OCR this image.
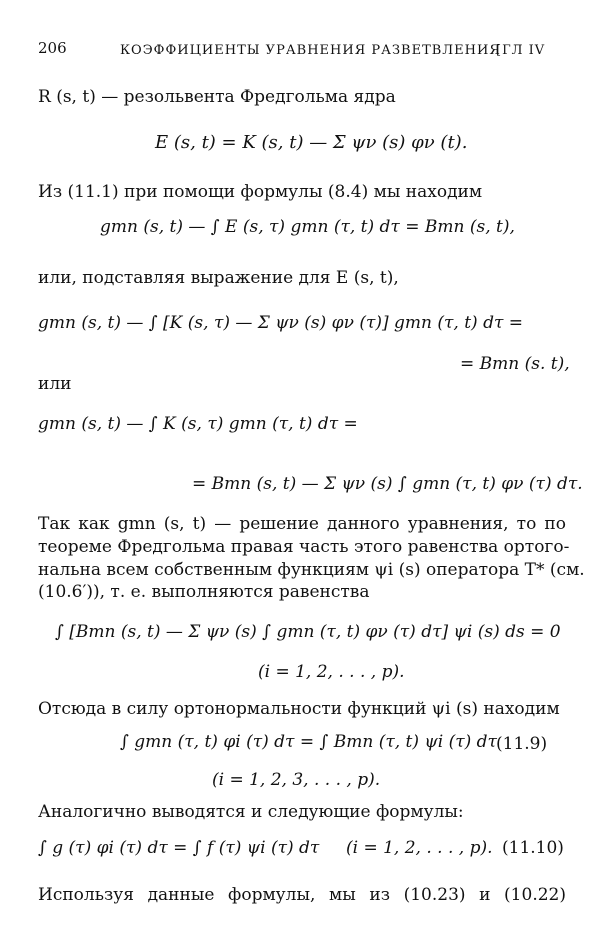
206	КОЭФФИЦИЕНТЫ УРАВНЕНИЯ РАЗВЕТВЛЕНИЯ
[ГЛ IV
R (s, t) — резольвента Фредгольма ядра
E (s, t) = K (s, t) — Σ ψν (s) φν (t).
Из (11.1) при помощи формулы (8.4) мы находим
gmn (s, t) — ∫ E (s, τ) gmn (τ, t) dτ = Bmn (s, t),
или, подставляя выражение для E (s, t),
gmn (s, t) — ∫ [K (s, τ) — Σ ψν (s) φν (τ)] gmn (τ, t) dτ =
= Bmn (s. t),
или
gmn (s, t) — ∫ K (s, τ) gmn (τ, t) dτ =
= Bmn (s, t) — Σ ψν (s) ∫ gmn (τ, t) φν (τ) dτ.
Так как gmn (s, t) — решение данного уравнения, то по
теореме Фредгольма правая часть этого равенства ортого-
нальна всем собственным функциям ψi (s) оператора T* (см.
(10.6′)), т. е. выполняются равенства
∫ [Bmn (s, t) — Σ ψν (s) ∫ gmn (τ, t) φν (τ) dτ] ψi (s) ds = 0
(i = 1, 2, . . . , p).
Отсюда в силу ортонормальности функций ψi (s) находим
∫ gmn (τ, t) φi (τ) dτ = ∫ Bmn (τ, t) ψi (τ) dτ (11.9)
(i = 1, 2, 3, . . . , p).
Аналогично выводятся и следующие формулы:
∫ g (τ) φi (τ) dτ = ∫ f (τ) ψi (τ) dτ (i = 1, 2, . . . , p). (11.10)
Используя данные формулы, мы из (10.23) и (10.22)
